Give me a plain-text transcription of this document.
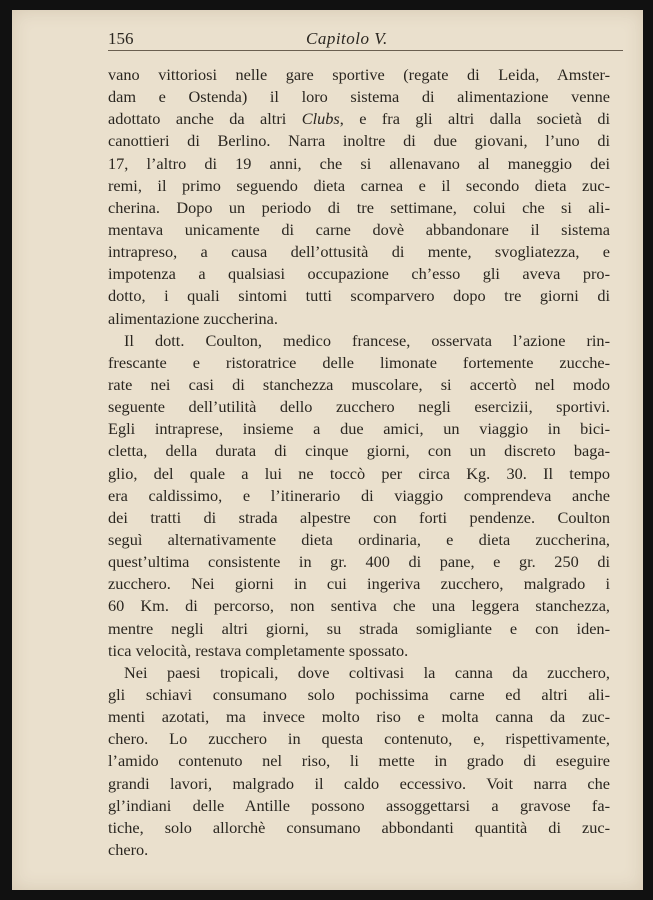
156	Capitolo V.
vano vittoriosi nelle gare sportive (regate di Leida, Amster-
dam e Ostenda) il loro sistema di alimentazione venne
adottato anche da altri Clubs, e fra gli altri dalla società di
canottieri di Berlino. Narra inoltre di due giovani, l’uno di
17, l’altro di 19 anni, che si allenavano al maneggio dei
remi, il primo seguendo dieta carnea e il secondo dieta zuc-
cherina. Dopo un periodo di tre settimane, colui che si ali-
mentava unicamente di carne dovè abbandonare il sistema
intrapreso, a causa dell’ottusità di mente, svogliatezza, e
impotenza a qualsiasi occupazione ch’esso gli aveva pro-
dotto, i quali sintomi tutti scomparvero dopo tre giorni di
alimentazione zuccherina.
Il dott. Coulton, medico francese, osservata l’azione rin-
frescante e ristoratrice delle limonate fortemente zucche-
rate nei casi di stanchezza muscolare, si accertò nel modo
seguente dell’utilità dello zucchero negli esercizii, sportivi.
Egli intraprese, insieme a due amici, un viaggio in bici-
cletta, della durata di cinque giorni, con un discreto baga-
glio, del quale a lui ne toccò per circa Kg. 30. Il tempo
era caldissimo, e l’itinerario di viaggio comprendeva anche
dei tratti di strada alpestre con forti pendenze. Coulton
seguì alternativamente dieta ordinaria, e dieta zuccherina,
quest’ultima consistente in gr. 400 di pane, e gr. 250 di
zucchero. Nei giorni in cui ingeriva zucchero, malgrado i
60 Km. di percorso, non sentiva che una leggera stanchezza,
mentre negli altri giorni, su strada somigliante e con iden-
tica velocità, restava completamente spossato.
Nei paesi tropicali, dove coltivasi la canna da zucchero,
gli schiavi consumano solo pochissima carne ed altri ali-
menti azotati, ma invece molto riso e molta canna da zuc-
chero. Lo zucchero in questa contenuto, e, rispettivamente,
l’amido contenuto nel riso, li mette in grado di eseguire
grandi lavori, malgrado il caldo eccessivo. Voit narra che
gl’indiani delle Antille possono assoggettarsi a gravose fa-
tiche, solo allorchè consumano abbondanti quantità di zuc-
chero.
